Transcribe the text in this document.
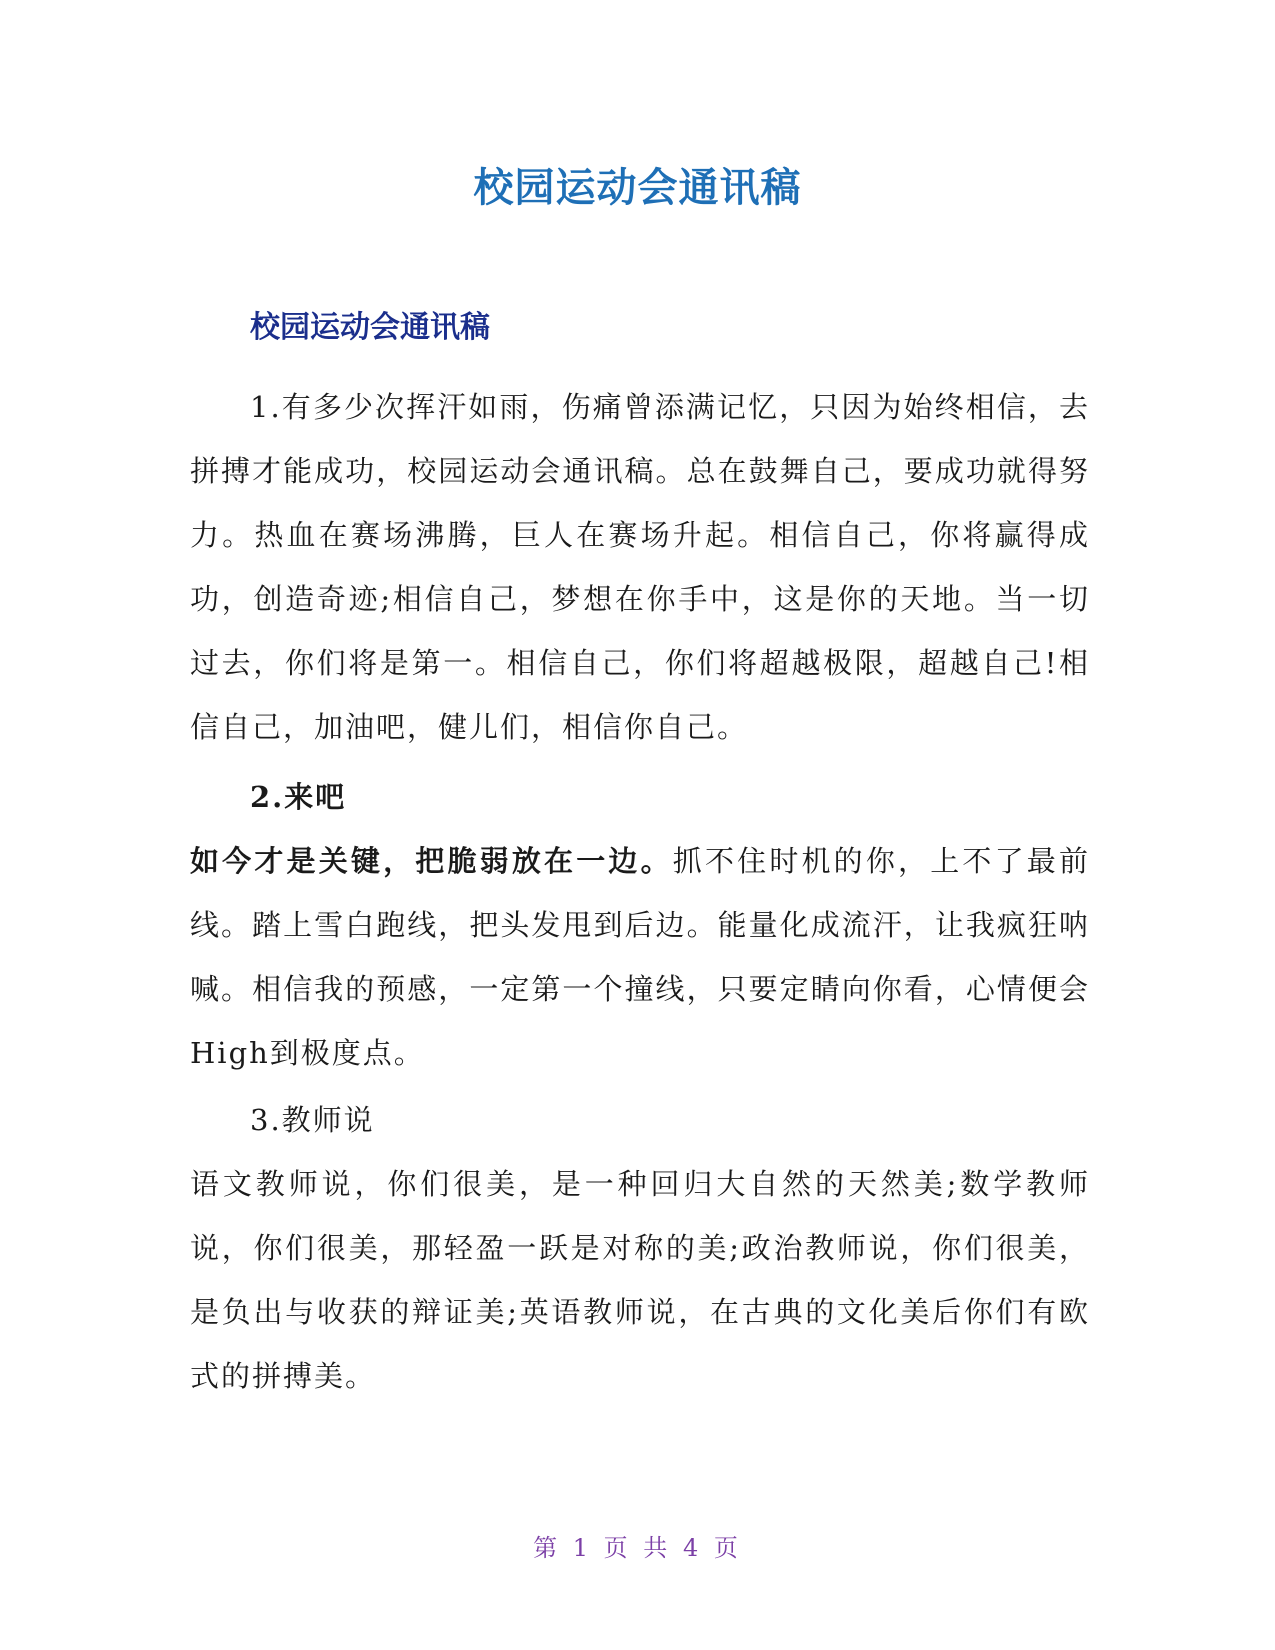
校园运动会通讯稿
校园运动会通讯稿

1.有多少次挥汗如雨，伤痛曾添满记忆，只因为始终相信，去拼搏才能成功，校园运动会通讯稿。总在鼓舞自己，要成功就得努力。热血在赛场沸腾，巨人在赛场升起。相信自己，你将赢得成功，创造奇迹;相信自己，梦想在你手中，这是你的天地。当一切过去，你们将是第一。相信自己，你们将超越极限，超越自己!相信自己，加油吧，健儿们，相信你自己。

2.来吧

如今才是关键，把脆弱放在一边。抓不住时机的你，上不了最前线。踏上雪白跑线，把头发甩到后边。能量化成流汗，让我疯狂呐喊。相信我的预感，一定第一个撞线，只要定睛向你看，心情便会High到极度点。

3.教师说

语文教师说，你们很美，是一种回归大自然的天然美;数学教师说，你们很美，那轻盈一跃是对称的美;政治教师说，你们很美，是负出与收获的辩证美;英语教师说，在古典的文化美后你们有欧式的拼搏美。

第 1 页 共 4 页
